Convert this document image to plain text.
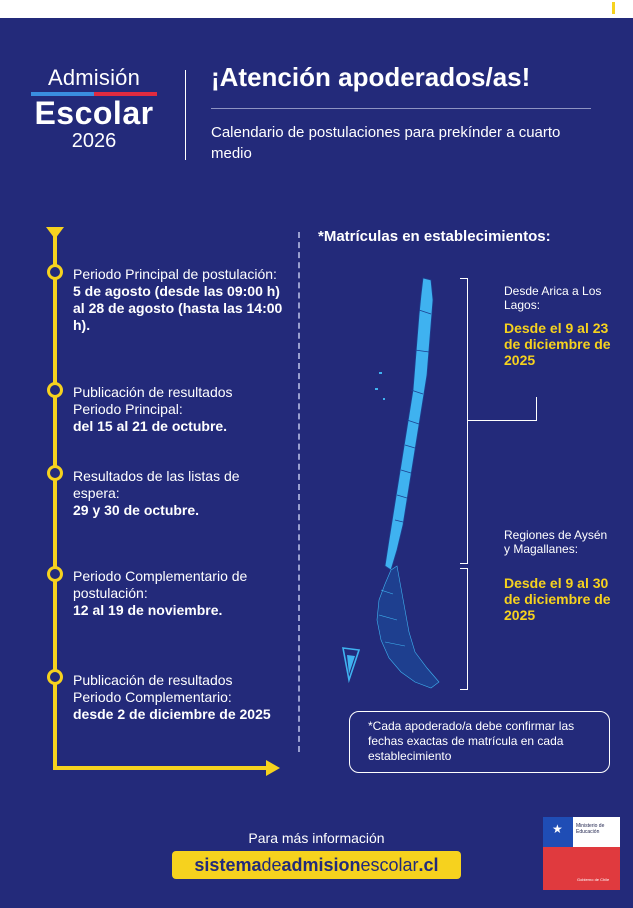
Admisión
Escolar
2026
¡Atención apoderados/as!
Calendario de postulaciones para prekínder a cuarto medio
Periodo Principal de postulación:
5 de agosto (desde las 09:00 h) al 28 de agosto (hasta las 14:00 h).
Publicación de resultados Periodo Principal:
del 15 al 21 de octubre.
Resultados de las listas de espera:
29 y 30 de octubre.
Periodo Complementario de postulación:
12 al 19 de noviembre.
Publicación de resultados Periodo Complementario:
desde 2 de diciembre de 2025
*Matrículas en establecimientos:
Desde Arica a Los Lagos:
Desde el 9 al 23 de diciembre de 2025
Regiones de Aysén y Magallanes:
Desde el 9 al 30 de diciembre de 2025
*Cada apoderado/a debe confirmar las fechas exactas de matrícula en cada establecimiento
Para más información
sistemadeadmisionescolar.cl
★	Ministerio de Educación
Gobierno de Chile
